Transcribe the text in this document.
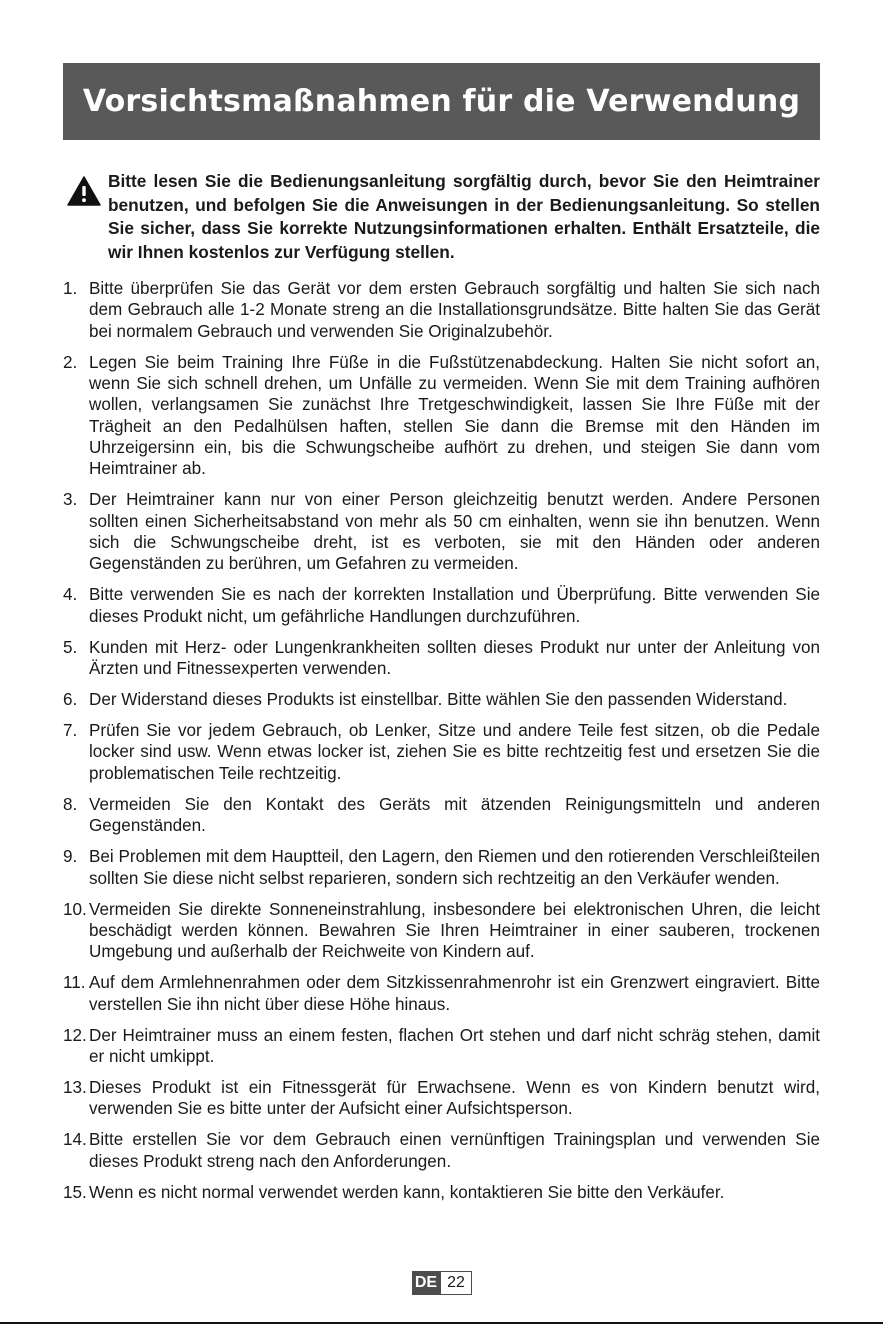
Vorsichtsmaßnahmen für die Verwendung
Bitte lesen Sie die Bedienungsanleitung sorgfältig durch, bevor Sie den Heimtrainer benutzen, und befolgen Sie die Anweisungen in der Bedienungsanleitung. So stellen Sie sicher, dass Sie korrekte Nutzungsinformationen erhalten. Enthält Ersatzteile, die wir Ihnen kostenlos zur Verfügung stellen.
1. Bitte überprüfen Sie das Gerät vor dem ersten Gebrauch sorgfältig und halten Sie sich nach dem Gebrauch alle 1-2 Monate streng an die Installationsgrundsätze. Bitte halten Sie das Gerät bei normalem Gebrauch und verwenden Sie Originalzubehör.
2. Legen Sie beim Training Ihre Füße in die Fußstützenabdeckung. Halten Sie nicht sofort an, wenn Sie sich schnell drehen, um Unfälle zu vermeiden. Wenn Sie mit dem Training aufhören wollen, verlangsamen Sie zunächst Ihre Tretgeschwindigkeit, lassen Sie Ihre Füße mit der Trägheit an den Pedalhülsen haften, stellen Sie dann die Bremse mit den Händen im Uhrzeigersinn ein, bis die Schwungscheibe aufhört zu drehen, und steigen Sie dann vom Heimtrainer ab.
3. Der Heimtrainer kann nur von einer Person gleichzeitig benutzt werden. Andere Personen sollten einen Sicherheitsabstand von mehr als 50 cm einhalten, wenn sie ihn benutzen. Wenn sich die Schwungscheibe dreht, ist es verboten, sie mit den Händen oder anderen Gegenständen zu berühren, um Gefahren zu vermeiden.
4. Bitte verwenden Sie es nach der korrekten Installation und Überprüfung. Bitte verwenden Sie dieses Produkt nicht, um gefährliche Handlungen durchzuführen.
5. Kunden mit Herz- oder Lungenkrankheiten sollten dieses Produkt nur unter der Anleitung von Ärzten und Fitnessexperten verwenden.
6. Der Widerstand dieses Produkts ist einstellbar. Bitte wählen Sie den passenden Widerstand.
7. Prüfen Sie vor jedem Gebrauch, ob Lenker, Sitze und andere Teile fest sitzen, ob die Pedale locker sind usw. Wenn etwas locker ist, ziehen Sie es bitte rechtzeitig fest und ersetzen Sie die problematischen Teile rechtzeitig.
8. Vermeiden Sie den Kontakt des Geräts mit ätzenden Reinigungsmitteln und anderen Gegenständen.
9. Bei Problemen mit dem Hauptteil, den Lagern, den Riemen und den rotierenden Verschleißteilen sollten Sie diese nicht selbst reparieren, sondern sich rechtzeitig an den Verkäufer wenden.
10. Vermeiden Sie direkte Sonneneinstrahlung, insbesondere bei elektronischen Uhren, die leicht beschädigt werden können. Bewahren Sie Ihren Heimtrainer in einer sauberen, trockenen Umgebung und außerhalb der Reichweite von Kindern auf.
11. Auf dem Armlehnenrahmen oder dem Sitzkissenrahmenrohr ist ein Grenzwert eingraviert. Bitte verstellen Sie ihn nicht über diese Höhe hinaus.
12. Der Heimtrainer muss an einem festen, flachen Ort stehen und darf nicht schräg stehen, damit er nicht umkippt.
13. Dieses Produkt ist ein Fitnessgerät für Erwachsene. Wenn es von Kindern benutzt wird, verwenden Sie es bitte unter der Aufsicht einer Aufsichtsperson.
14. Bitte erstellen Sie vor dem Gebrauch einen vernünftigen Trainingsplan und verwenden Sie dieses Produkt streng nach den Anforderungen.
15. Wenn es nicht normal verwendet werden kann, kontaktieren Sie bitte den Verkäufer.
DE 22
